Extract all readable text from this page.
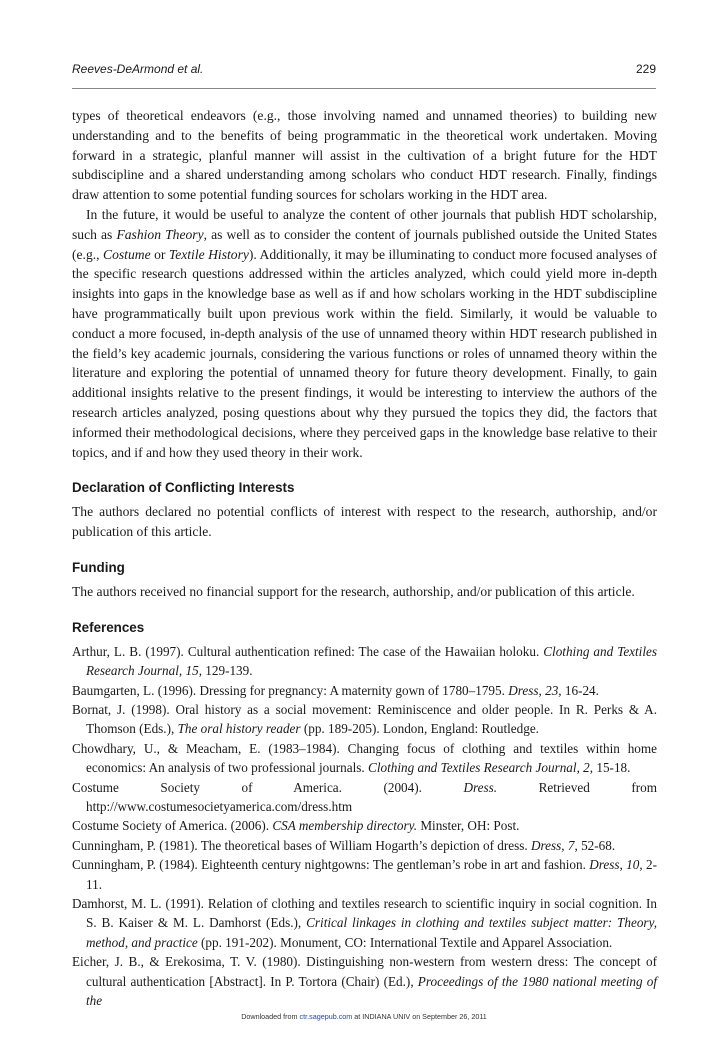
Reeves-DeArmond et al.	229

types of theoretical endeavors (e.g., those involving named and unnamed theories) to building new understanding and to the benefits of being programmatic in the theoretical work undertaken. Moving forward in a strategic, planful manner will assist in the cultivation of a bright future for the HDT subdiscipline and a shared understanding among scholars who conduct HDT research. Finally, findings draw attention to some potential funding sources for scholars working in the HDT area.

In the future, it would be useful to analyze the content of other journals that publish HDT scholarship, such as Fashion Theory, as well as to consider the content of journals published outside the United States (e.g., Costume or Textile History). Additionally, it may be illuminating to conduct more focused analyses of the specific research questions addressed within the articles analyzed, which could yield more in-depth insights into gaps in the knowledge base as well as if and how scholars working in the HDT subdiscipline have programmatically built upon previous work within the field. Similarly, it would be valuable to conduct a more focused, in-depth analysis of the use of unnamed theory within HDT research published in the field’s key academic journals, considering the various functions or roles of unnamed theory within the literature and exploring the potential of unnamed theory for future theory development. Finally, to gain additional insights relative to the present findings, it would be interesting to interview the authors of the research articles analyzed, posing questions about why they pursued the topics they did, the factors that informed their methodological decisions, where they perceived gaps in the knowledge base relative to their topics, and if and how they used theory in their work.

Declaration of Conflicting Interests

The authors declared no potential conflicts of interest with respect to the research, authorship, and/or publication of this article.

Funding

The authors received no financial support for the research, authorship, and/or publication of this article.

References
Arthur, L. B. (1997). Cultural authentication refined: The case of the Hawaiian holoku. Clothing and Textiles Research Journal, 15, 129-139.
Baumgarten, L. (1996). Dressing for pregnancy: A maternity gown of 1780–1795. Dress, 23, 16-24.
Bornat, J. (1998). Oral history as a social movement: Reminiscence and older people. In R. Perks & A. Thomson (Eds.), The oral history reader (pp. 189-205). London, England: Routledge.
Chowdhary, U., & Meacham, E. (1983–1984). Changing focus of clothing and textiles within home economics: An analysis of two professional journals. Clothing and Textiles Research Journal, 2, 15-18.
Costume Society of America. (2004). Dress. Retrieved from http://www.costumesocietyamerica.com/dress.htm
Costume Society of America. (2006). CSA membership directory. Minster, OH: Post.
Cunningham, P. (1981). The theoretical bases of William Hogarth’s depiction of dress. Dress, 7, 52-68.
Cunningham, P. (1984). Eighteenth century nightgowns: The gentleman’s robe in art and fashion. Dress, 10, 2-11.
Damhorst, M. L. (1991). Relation of clothing and textiles research to scientific inquiry in social cognition. In S. B. Kaiser & M. L. Damhorst (Eds.), Critical linkages in clothing and textiles subject matter: Theory, method, and practice (pp. 191-202). Monument, CO: International Textile and Apparel Association.
Eicher, J. B., & Erekosima, T. V. (1980). Distinguishing non-western from western dress: The concept of cultural authentication [Abstract]. In P. Tortora (Chair) (Ed.), Proceedings of the 1980 national meeting of the
Downloaded from ctr.sagepub.com at INDIANA UNIV on September 26, 2011
